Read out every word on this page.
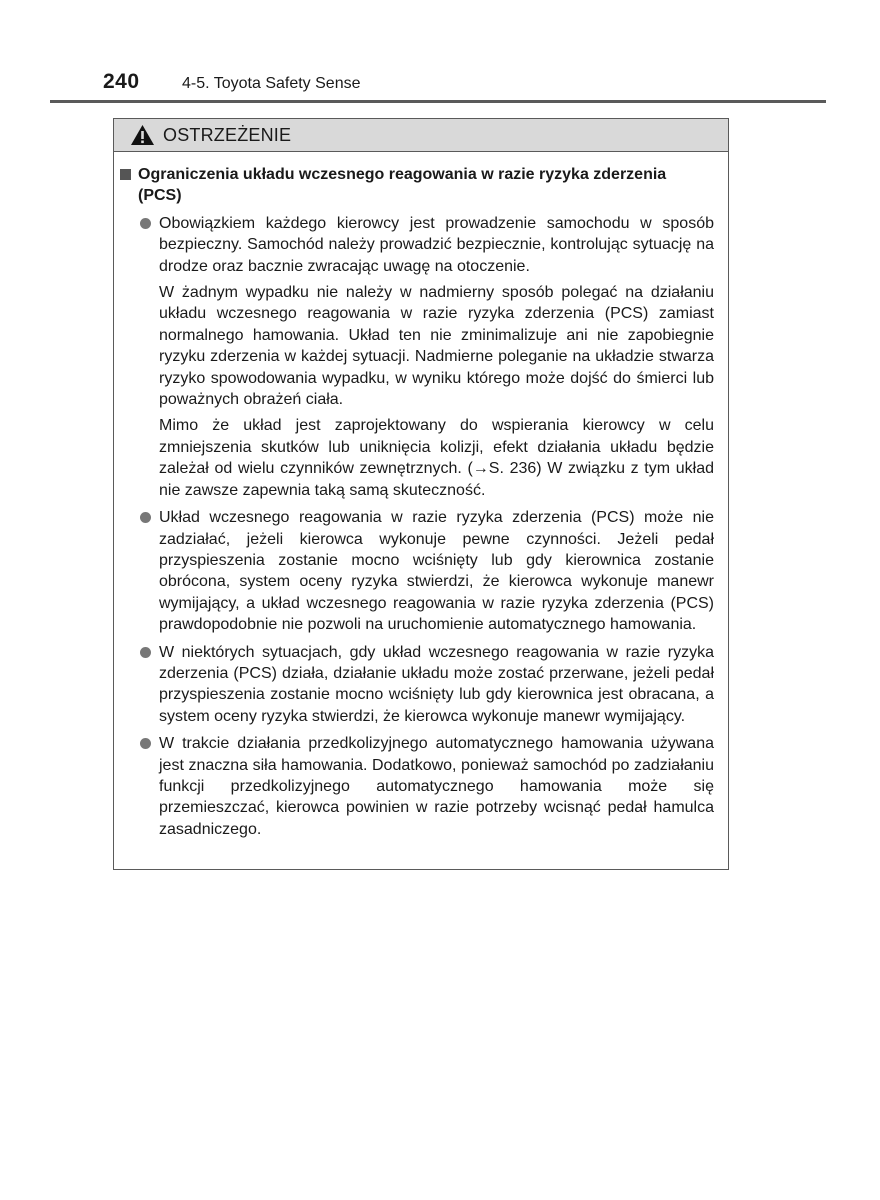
240	4-5. Toyota Safety Sense
OSTRZEŻENIE
Ograniczenia układu wczesnego reagowania w razie ryzyka zderzenia (PCS)

Obowiązkiem każdego kierowcy jest prowadzenie samochodu w sposób bezpieczny. Samochód należy prowadzić bezpiecznie, kontrolując sytuację na drodze oraz bacznie zwracając uwagę na otoczenie.

W żadnym wypadku nie należy w nadmierny sposób polegać na działaniu układu wczesnego reagowania w razie ryzyka zderzenia (PCS) zamiast normalnego hamowania. Układ ten nie zminimalizuje ani nie zapobiegnie ryzyku zderzenia w każdej sytuacji. Nadmierne poleganie na układzie stwarza ryzyko spowodowania wypadku, w wyniku którego może dojść do śmierci lub poważnych obrażeń ciała.

Mimo że układ jest zaprojektowany do wspierania kierowcy w celu zmniejszenia skutków lub uniknięcia kolizji, efekt działania układu będzie zależał od wielu czynników zewnętrznych. (→S. 236) W związku z tym układ nie zawsze zapewnia taką samą skuteczność.

Układ wczesnego reagowania w razie ryzyka zderzenia (PCS) może nie zadziałać, jeżeli kierowca wykonuje pewne czynności. Jeżeli pedał przyspieszenia zostanie mocno wciśnięty lub gdy kierownica zostanie obrócona, system oceny ryzyka stwierdzi, że kierowca wykonuje manewr wymijający, a układ wczesnego reagowania w razie ryzyka zderzenia (PCS) prawdopodobnie nie pozwoli na uruchomienie automatycznego hamowania.

W niektórych sytuacjach, gdy układ wczesnego reagowania w razie ryzyka zderzenia (PCS) działa, działanie układu może zostać przerwane, jeżeli pedał przyspieszenia zostanie mocno wciśnięty lub gdy kierownica jest obracana, a system oceny ryzyka stwierdzi, że kierowca wykonuje manewr wymijający.

W trakcie działania przedkolizyjnego automatycznego hamowania używana jest znaczna siła hamowania. Dodatkowo, ponieważ samochód po zadziałaniu funkcji przedkolizyjnego automatycznego hamowania może się przemieszczać, kierowca powinien w razie potrzeby wcisnąć pedał hamulca zasadniczego.
